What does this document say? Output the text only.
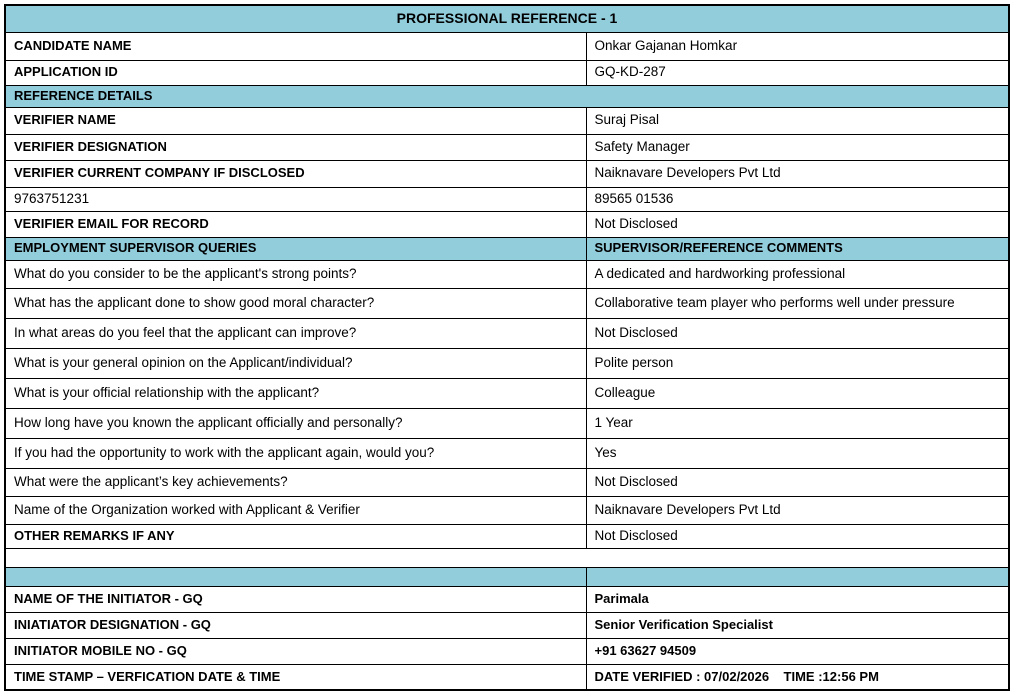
PROFESSIONAL REFERENCE - 1	
CANDIDATE NAME	Onkar Gajanan Homkar
APPLICATION ID	GQ-KD-287
REFERENCE DETAILS	
VERIFIER NAME	Suraj Pisal
VERIFIER DESIGNATION	Safety Manager
VERIFIER CURRENT COMPANY IF DISCLOSED	Naiknavare Developers Pvt Ltd
9763751231	89565 01536
VERIFIER EMAIL FOR RECORD	Not Disclosed
EMPLOYMENT SUPERVISOR QUERIES	SUPERVISOR/REFERENCE COMMENTS
What do you consider to be the applicant's strong points?	A dedicated and hardworking professional
What has the applicant done to show good moral character?	Collaborative team player who performs well under pressure
In what areas do you feel that the applicant can improve?	Not Disclosed
What is your general opinion on the Applicant/individual?	Polite person
What is your official relationship with the applicant?	Colleague
How long have you known the applicant officially and personally?	1 Year
If you had the opportunity to work with the applicant again, would you?	Yes
What were the applicant’s key achievements?	Not Disclosed
Name of the Organization worked with Applicant & Verifier	Naiknavare Developers Pvt Ltd
OTHER REMARKS IF ANY	Not Disclosed

NAME OF THE INITIATOR - GQ	Parimala
INIATIATOR DESIGNATION - GQ	Senior Verification Specialist
INITIATOR MOBILE NO - GQ	+91 63627 94509
TIME STAMP – VERFICATION DATE & TIME	DATE VERIFIED : 07/02/2026    TIME :12:56 PM
